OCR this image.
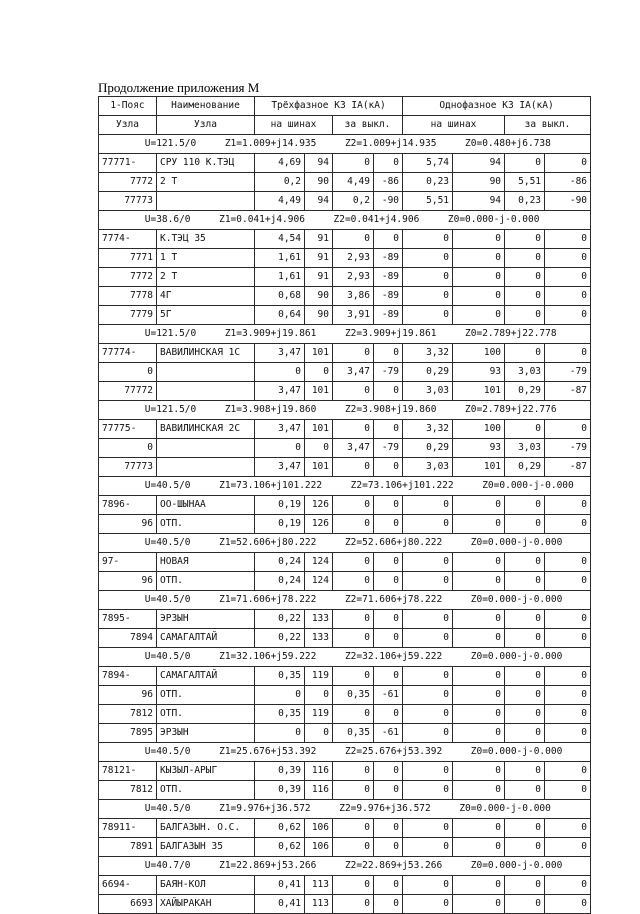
Продолжение приложения М
1-Пояс	Наименование	Трёхфазное КЗ IА(кА)				Однофазное КЗ IА(кА)			
Узла	Узла	на шинах		за выкл.		на шинах		за выкл.	
U=121.5/0     Z1=1.009+j14.935     Z2=1.009+j14.935     Z0=0.480+j6.738									
77771-	СРУ 110 К.ТЭЦ	4,69	94	0	0	5,74	94	0	0
7772	2 Т	0,2	90	4,49	-86	0,23	90	5,51	-86
77773		4,49	94	0,2	-90	5,51	94	0,23	-90
U=38.6/0     Z1=0.041+j4.906     Z2=0.041+j4.906     Z0=0.000-j-0.000									
7774-	К.ТЭЦ 35	4,54	91	0	0	0	0	0	0
7771	1 Т	1,61	91	2,93	-89	0	0	0	0
7772	2 Т	1,61	91	2,93	-89	0	0	0	0
7778	4Г	0,68	90	3,86	-89	0	0	0	0
7779	5Г	0,64	90	3,91	-89	0	0	0	0
U=121.5/0     Z1=3.909+j19.861     Z2=3.909+j19.861     Z0=2.789+j22.778									
77774-	ВАВИЛИНСКАЯ 1С	3,47	101	0	0	3,32	100	0	0
0		0	0	3,47	-79	0,29	93	3,03	-79
77772		3,47	101	0	0	3,03	101	0,29	-87
U=121.5/0     Z1=3.908+j19.860     Z2=3.908+j19.860     Z0=2.789+j22.776									
77775-	ВАВИЛИНСКАЯ 2С	3,47	101	0	0	3,32	100	0	0
0		0	0	3,47	-79	0,29	93	3,03	-79
77773		3,47	101	0	0	3,03	101	0,29	-87
U=40.5/0     Z1=73.106+j101.222     Z2=73.106+j101.222     Z0=0.000-j-0.000									
7896-	ОО-ШЫНАА	0,19	126	0	0	0	0	0	0
96	ОТП.	0,19	126	0	0	0	0	0	0
U=40.5/0     Z1=52.606+j80.222     Z2=52.606+j80.222     Z0=0.000-j-0.000									
97-	НОВАЯ	0,24	124	0	0	0	0	0	0
96	ОТП.	0,24	124	0	0	0	0	0	0
U=40.5/0     Z1=71.606+j78.222     Z2=71.606+j78.222     Z0=0.000-j-0.000									
7895-	ЭРЗЫН	0,22	133	0	0	0	0	0	0
7894	САМАГАЛТАЙ	0,22	133	0	0	0	0	0	0
U=40.5/0     Z1=32.106+j59.222     Z2=32.106+j59.222     Z0=0.000-j-0.000									
7894-	САМАГАЛТАЙ	0,35	119	0	0	0	0	0	0
96	ОТП.	0	0	0,35	-61	0	0	0	0
7812	ОТП.	0,35	119	0	0	0	0	0	0
7895	ЭРЗЫН	0	0	0,35	-61	0	0	0	0
U=40.5/0     Z1=25.676+j53.392     Z2=25.676+j53.392     Z0=0.000-j-0.000									
78121-	КЫЗЫЛ-АРЫГ	0,39	116	0	0	0	0	0	0
7812	ОТП.	0,39	116	0	0	0	0	0	0
U=40.5/0     Z1=9.976+j36.572     Z2=9.976+j36.572     Z0=0.000-j-0.000									
78911-	БАЛГАЗЫН. О.С.	0,62	106	0	0	0	0	0	0
7891	БАЛГАЗЫН 35	0,62	106	0	0	0	0	0	0
U=40.7/0     Z1=22.869+j53.266     Z2=22.869+j53.266     Z0=0.000-j-0.000									
6694-	БАЯН-КОЛ	0,41	113	0	0	0	0	0	0
6693	ХАЙЫРАКАН	0,41	113	0	0	0	0	0	0
